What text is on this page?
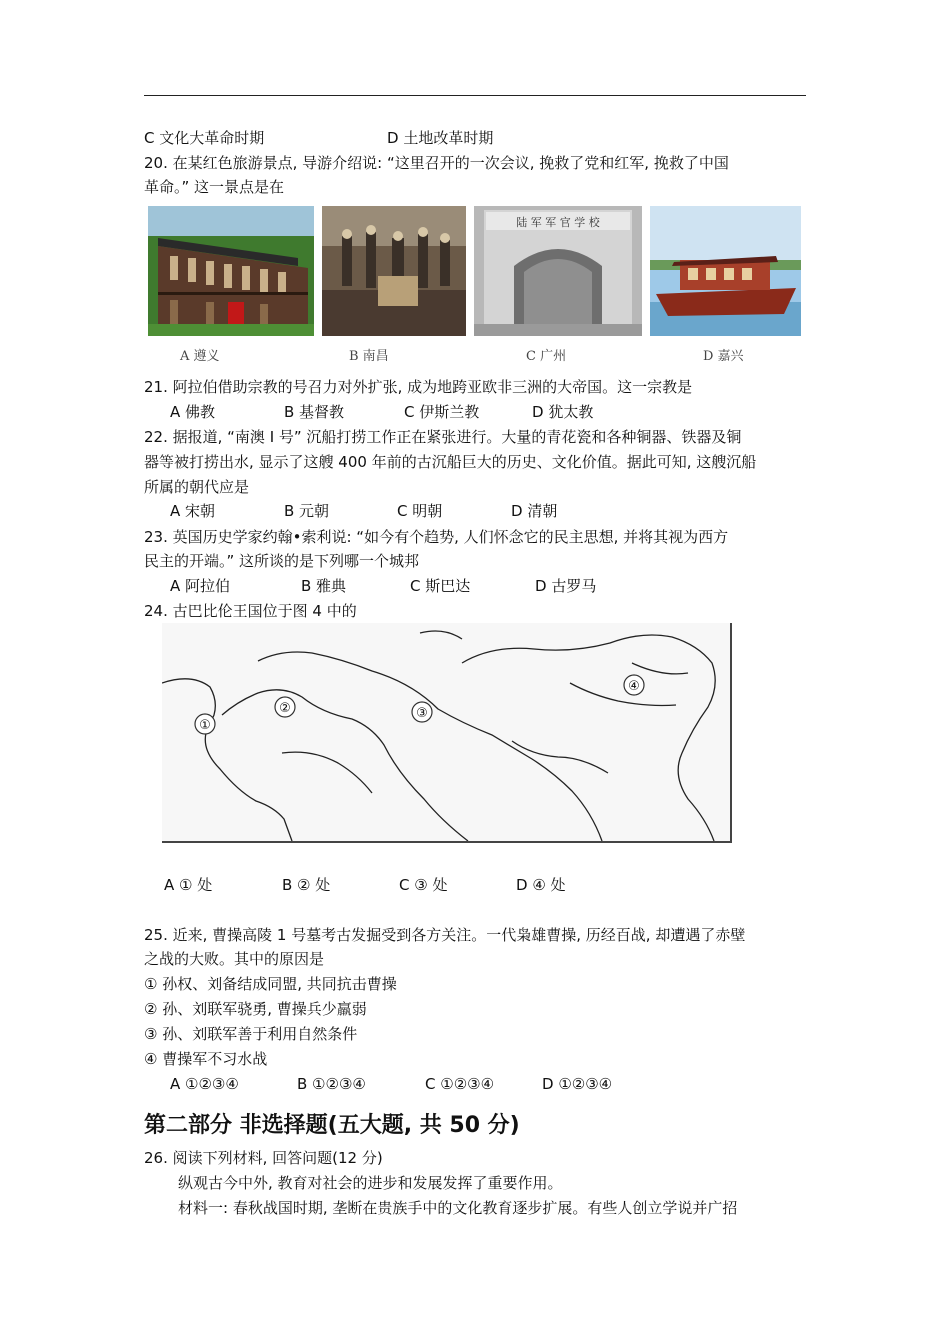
C 文化大革命时期	D 土地改革时期
20. 在某红色旅游景点, 导游介绍说: “这里召开的一次会议, 挽救了党和红军, 挽救了中国
革命。” 这一景点是在
A 遵义	B 南昌
陆 军 军 官 学 校
C 广州	D 嘉兴
21. 阿拉伯借助宗教的号召力对外扩张, 成为地跨亚欧非三洲的大帝国。这一宗教是
A 佛教	B 基督教	C 伊斯兰教	D 犹太教
22. 据报道, “南澳 I 号” 沉船打捞工作正在紧张进行。大量的青花瓷和各种铜器、铁器及铜
器等被打捞出水, 显示了这艘 400 年前的古沉船巨大的历史、文化价值。据此可知, 这艘沉船
所属的朝代应是
A 宋朝	B 元朝	C 明朝	D 清朝
23. 英国历史学家约翰•索利说: “如今有个趋势, 人们怀念它的民主思想, 并将其视为西方
民主的开端。” 这所谈的是下列哪一个城邦
A 阿拉伯	B 雅典	C 斯巴达	D 古罗马
24. 古巴比伦王国位于图 4 中的
①
②	③
④
A ① 处	B ② 处	C ③ 处	D ④ 处
25. 近来, 曹操高陵 1 号墓考古发掘受到各方关注。一代枭雄曹操, 历经百战, 却遭遇了赤壁
之战的大败。其中的原因是
① 孙权、刘备结成同盟, 共同抗击曹操
② 孙、刘联军骁勇, 曹操兵少羸弱
③ 孙、刘联军善于利用自然条件
④ 曹操军不习水战
A ①②③④	B ①②③④	C ①②③④	D ①②③④
第二部分 非选择题(五大题, 共 50 分)
26. 阅读下列材料, 回答问题(12 分)
纵观古今中外, 教育对社会的进步和发展发挥了重要作用。
材料一: 春秋战国时期, 垄断在贵族手中的文化教育逐步扩展。有些人创立学说并广招
